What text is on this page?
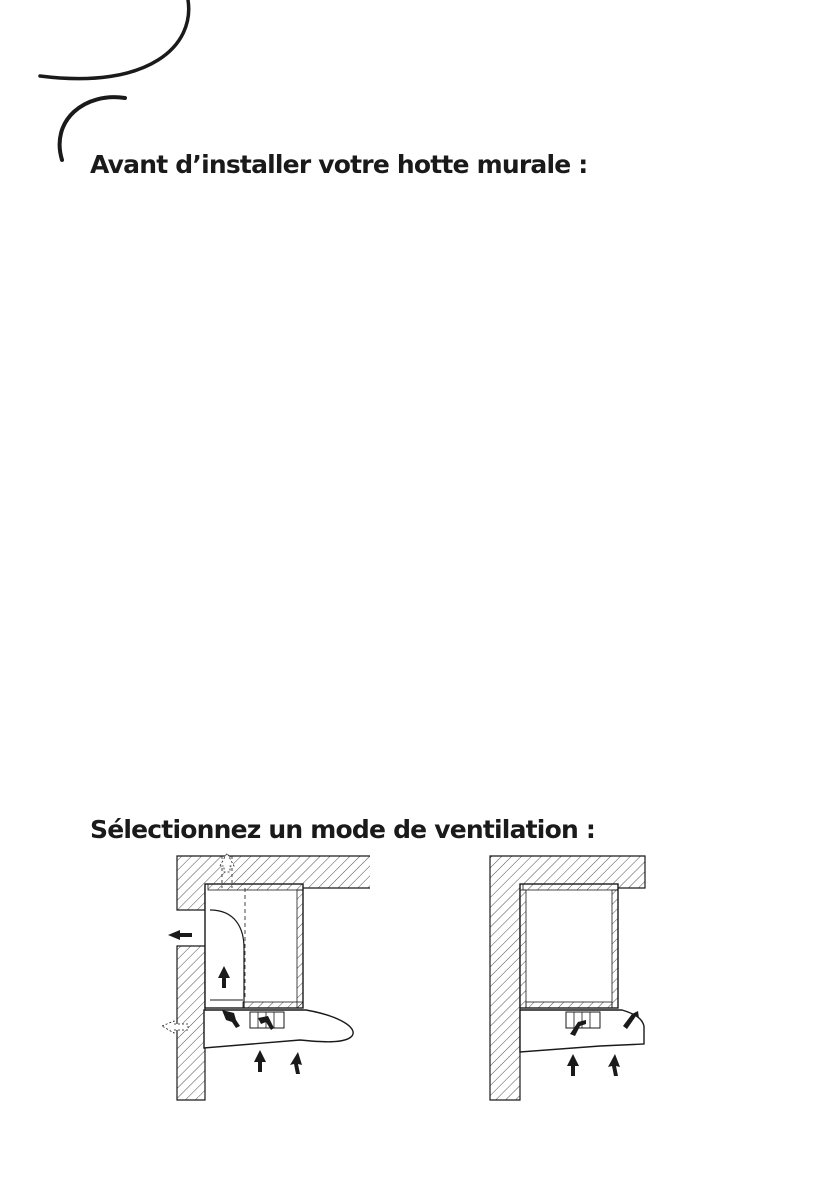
Avant d’installer votre hotte murale :
Sélectionnez un mode de ventilation :
